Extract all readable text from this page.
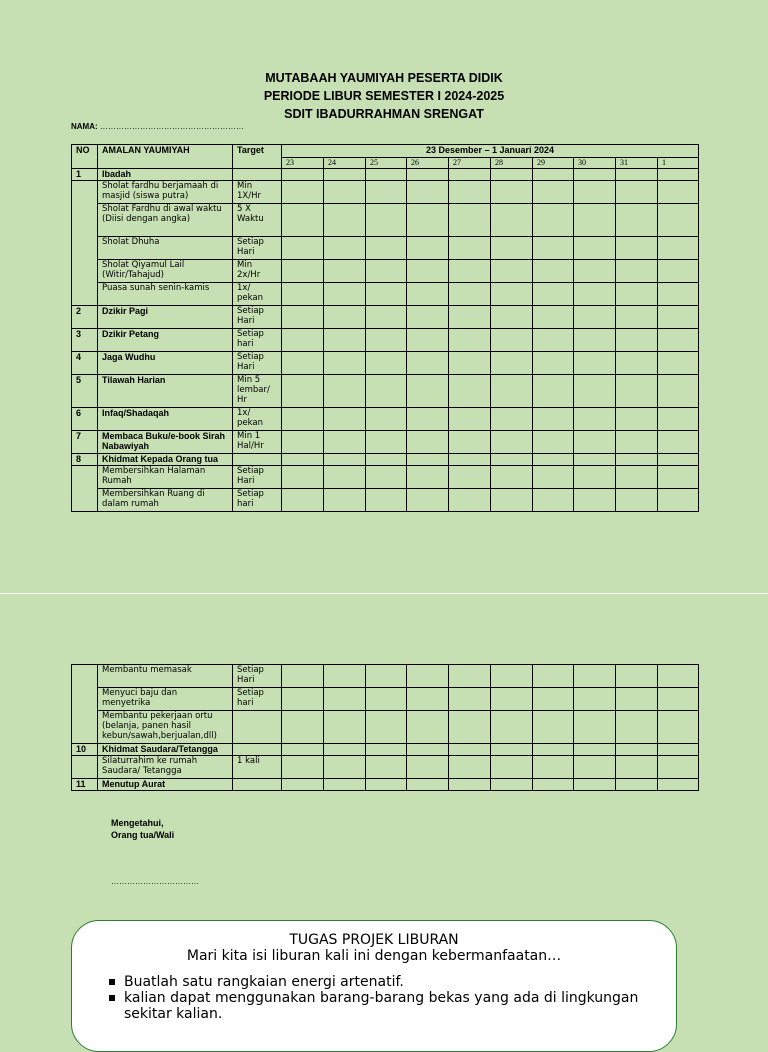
MUTABAAH YAUMIYAH PESERTA DIDIK
PERIODE LIBUR SEMESTER I 2024-2025
SDIT IBADURRAHMAN SRENGAT
NAMA: ………………………………………………
NO	AMALAN YAUMIYAH	Target	23 Desember – 1 Januari 2024									
			23	24	25	26	27	28	29	30	31	1
1	Ibadah											
	Sholat fardhu berjamaah di masjid (siswa putra)	Min 1X/Hr										
	Sholat Fardhu di awal waktu (Diisi dengan angka)	5 X Waktu										
	Sholat Dhuha	Setiap Hari										
	Sholat Qiyamul Lail (Witir/Tahajud)	Min 2x/Hr										
	Puasa sunah senin-kamis	1x/ pekan										
2	Dzikir Pagi	Setiap Hari										
3	Dzikir Petang	Setiap hari										
4	Jaga Wudhu	Setiap Hari										
5	Tilawah Harian	Min 5 lembar/ Hr										
6	Infaq/Shadaqah	1x/ pekan										
7	Membaca Buku/e-book Sirah Nabawiyah	Min 1 Hal/Hr										
8	Khidmat Kepada Orang tua											
	Membersihkan Halaman Rumah	Setiap Hari										
	Membersihkan Ruang di dalam rumah	Setiap hari										
	Membantu memasak	Setiap Hari										
	Menyuci baju dan menyetrika	Setiap hari										
	Membantu pekerjaan ortu (belanja, panen hasil kebun/sawah,berjualan,dll)											
10	Khidmat Saudara/Tetangga											
	Silaturrahim ke rumah Saudara/ Tetangga	1 kali										
11	Menutup Aurat											
Mengetahui,
Orang tua/Wali
……………………………
TUGAS PROJEK LIBURAN
Mari kita isi liburan kali ini dengan kebermanfaatan…
Buatlah satu rangkaian energi artenatif.
kalian dapat menggunakan barang-barang bekas yang ada di lingkungan sekitar kalian.
